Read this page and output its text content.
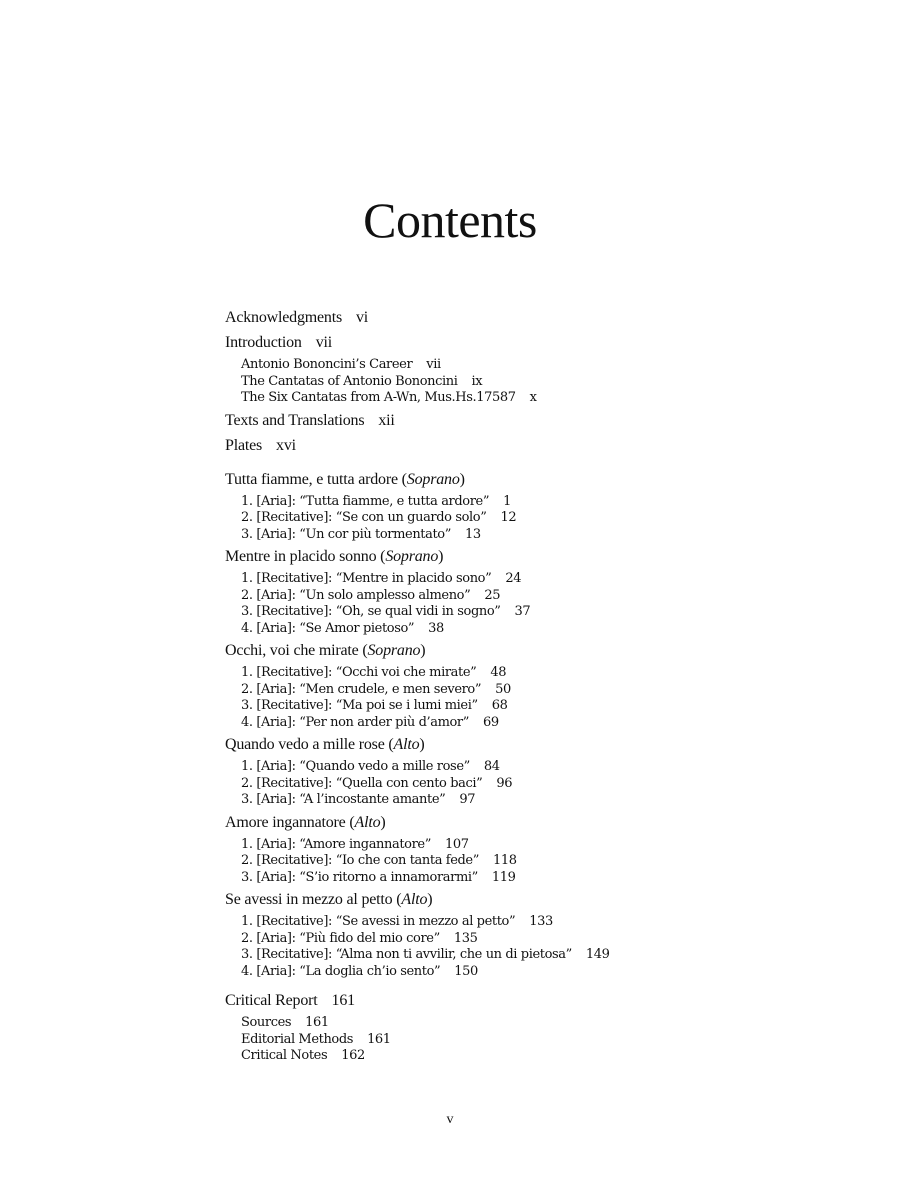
Contents
Acknowledgments vi
Introduction vii
Antonio Bononcini’s Career vii
The Cantatas of Antonio Bononcini ix
The Six Cantatas from A-Wn, Mus.Hs.17587 x
Texts and Translations xii
Plates xvi
Tutta fiamme, e tutta ardore (Soprano)
1. [Aria]: “Tutta fiamme, e tutta ardore” 1
2. [Recitative]: “Se con un guardo solo” 12
3. [Aria]: “Un cor più tormentato” 13
Mentre in placido sonno (Soprano)
1. [Recitative]: “Mentre in placido sono” 24
2. [Aria]: “Un solo amplesso almeno” 25
3. [Recitative]: “Oh, se qual vidi in sogno” 37
4. [Aria]: “Se Amor pietoso” 38
Occhi, voi che mirate (Soprano)
1. [Recitative]: “Occhi voi che mirate” 48
2. [Aria]: “Men crudele, e men severo” 50
3. [Recitative]: “Ma poi se i lumi miei” 68
4. [Aria]: “Per non arder più d’amor” 69
Quando vedo a mille rose (Alto)
1. [Aria]: “Quando vedo a mille rose” 84
2. [Recitative]: “Quella con cento baci” 96
3. [Aria]: “A l’incostante amante” 97
Amore ingannatore (Alto)
1. [Aria]: “Amore ingannatore” 107
2. [Recitative]: “Io che con tanta fede” 118
3. [Aria]: “S’io ritorno a innamorarmi” 119
Se avessi in mezzo al petto (Alto)
1. [Recitative]: “Se avessi in mezzo al petto” 133
2. [Aria]: “Più fido del mio core” 135
3. [Recitative]: “Alma non ti avvilir, che un di pietosa” 149
4. [Aria]: “La doglia ch’io sento” 150
Critical Report 161
Sources 161
Editorial Methods 161
Critical Notes 162
v
